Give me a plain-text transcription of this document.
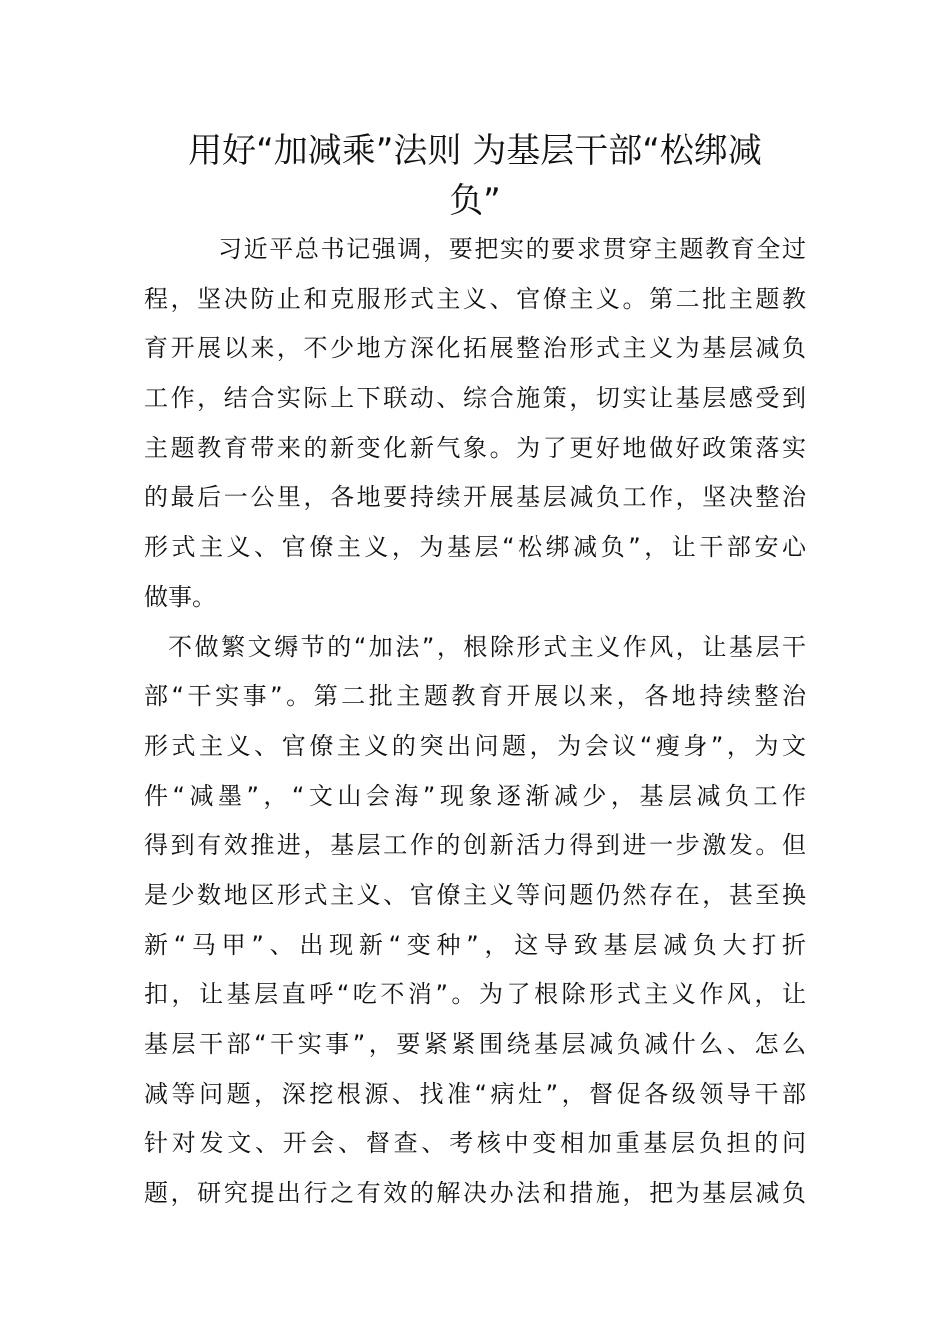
用好“加减乘”法则 为基层干部“松绑减
负”
习近平总书记强调，要把实的要求贯穿主题教育全过
程，坚决防止和克服形式主义、官僚主义。第二批主题教
育开展以来，不少地方深化拓展整治形式主义为基层减负
工作，结合实际上下联动、综合施策，切实让基层感受到
主题教育带来的新变化新气象。为了更好地做好政策落实
的最后一公里，各地要持续开展基层减负工作，坚决整治
形式主义、官僚主义，为基层“松绑减负”，让干部安心
做事。
不做繁文缛节的“加法”，根除形式主义作风，让基层干
部“干实事”。第二批主题教育开展以来，各地持续整治
形式主义、官僚主义的突出问题，为会议“瘦身”，为文
件“减墨”，“文山会海”现象逐渐减少，基层减负工作
得到有效推进，基层工作的创新活力得到进一步激发。但
是少数地区形式主义、官僚主义等问题仍然存在，甚至换
新“马甲”、出现新“变种”，这导致基层减负大打折
扣，让基层直呼“吃不消”。为了根除形式主义作风，让
基层干部“干实事”，要紧紧围绕基层减负减什么、怎么
减等问题，深挖根源、找准“病灶”，督促各级领导干部
针对发文、开会、督查、考核中变相加重基层负担的问
题，研究提出行之有效的解决办法和措施，把为基层减负
